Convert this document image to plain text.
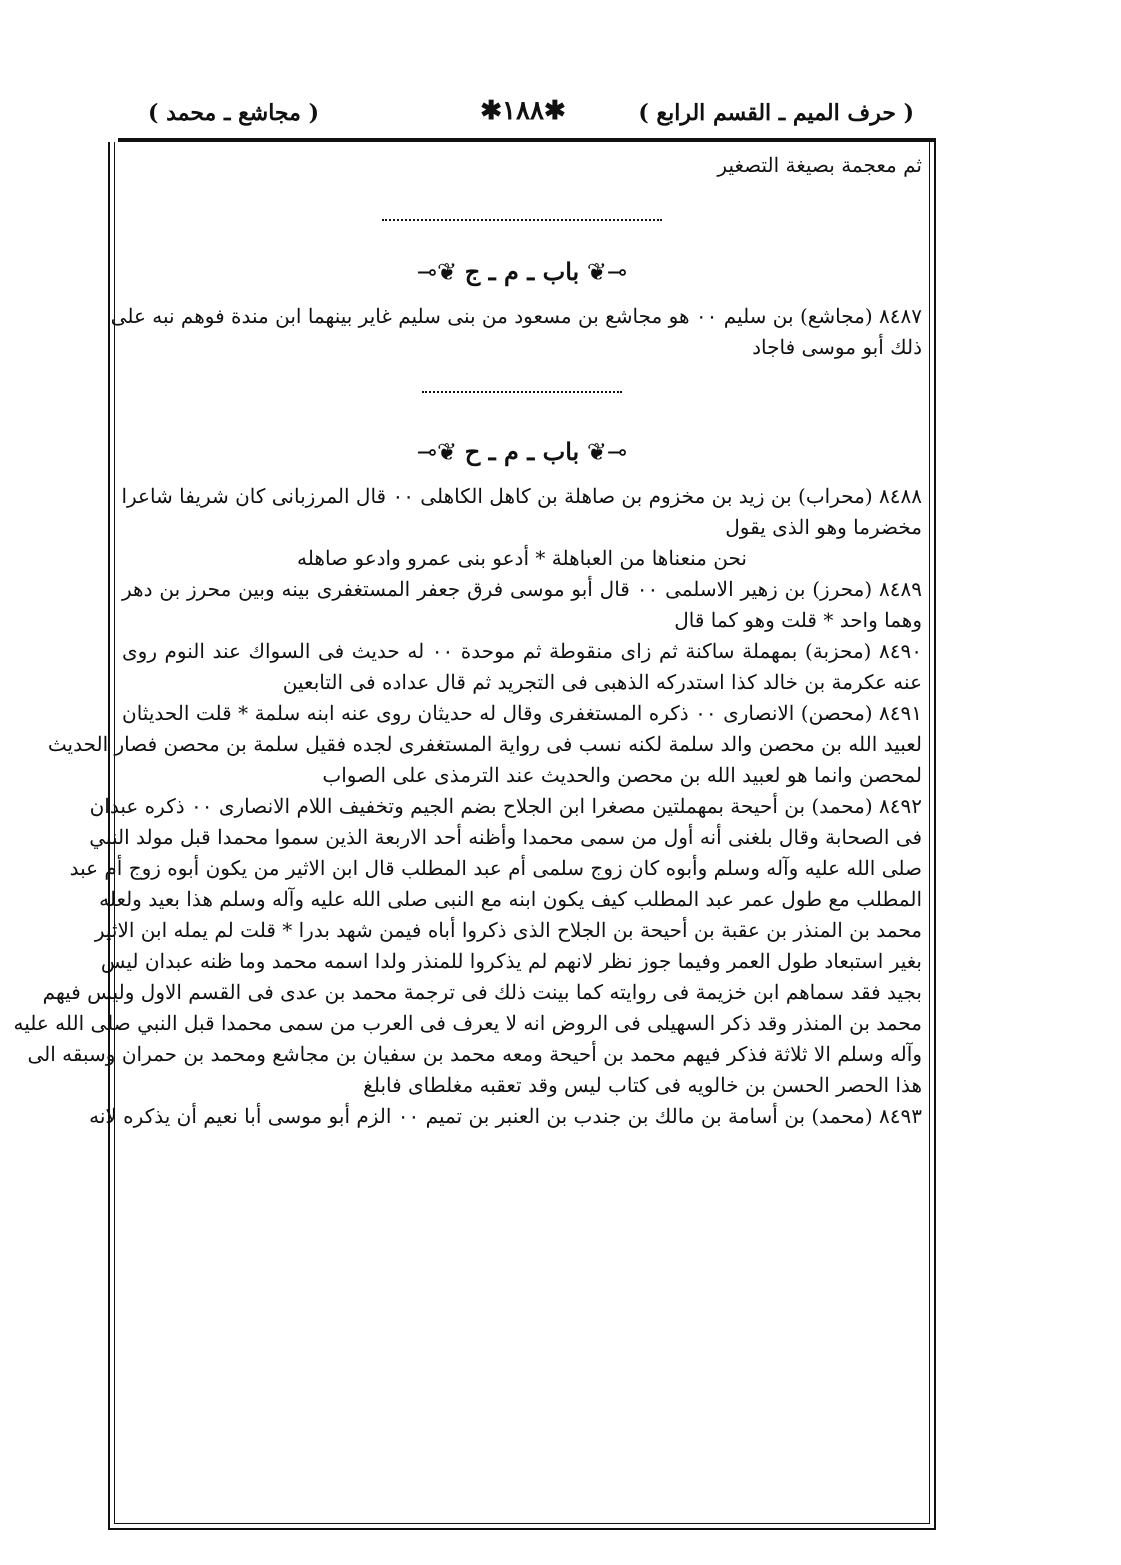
( حرف الميم ـ القسم الرابع )
✱١٨٨✱
( مجاشع ـ محمد )
ثم معجمة بصيغة التصغير
⊸❦ باب ـ م ـ ج ❦⊸
٨٤٨٧ (مجاشع) بن سليم ٠٠ هو مجاشع بن مسعود من بنى سليم غاير بينهما ابن مندة فوهم نبه على
ذلك أبو موسى فاجاد
⊸❦ باب ـ م ـ ح ❦⊸
٨٤٨٨ (محراب) بن زيد بن مخزوم بن صاهلة بن كاهل الكاهلى ٠٠ قال المرزبانى كان شريفا شاعرا
مخضرما وهو الذى يقول
نحن منعناها من العباهلة * أدعو بنى عمرو وادعو صاهله
٨٤٨٩ (محرز) بن زهير الاسلمى ٠٠ قال أبو موسى فرق جعفر المستغفرى بينه وبين محرز بن دهر
وهما واحد * قلت وهو كما قال
٨٤٩٠ (محزبة) بمهملة ساكنة ثم زاى منقوطة ثم موحدة ٠٠ له حديث فى السواك عند النوم روى
عنه عكرمة بن خالد كذا استدركه الذهبى فى التجريد ثم قال عداده فى التابعين
٨٤٩١ (محصن) الانصارى ٠٠ ذكره المستغفرى وقال له حديثان روى عنه ابنه سلمة * قلت الحديثان
لعبيد الله بن محصن والد سلمة لكنه نسب فى رواية المستغفرى لجده فقيل سلمة بن محصن فصار الحديث
لمحصن وانما هو لعبيد الله بن محصن والحديث عند الترمذى على الصواب
٨٤٩٢ (محمد) بن أحيحة بمهملتين مصغرا ابن الجلاح بضم الجيم وتخفيف اللام الانصارى ٠٠ ذكره عبدان
فى الصحابة وقال بلغنى أنه أول من سمى محمدا وأظنه أحد الاربعة الذين سموا محمدا قبل مولد النبي
صلى الله عليه وآله وسلم وأبوه كان زوج سلمى أم عبد المطلب قال ابن الاثير من يكون أبوه زوج أم عبد
المطلب مع طول عمر عبد المطلب كيف يكون ابنه مع النبى صلى الله عليه وآله وسلم هذا بعيد ولعله
محمد بن المنذر بن عقبة بن أحيحة بن الجلاح الذى ذكروا أباه فيمن شهد بدرا * قلت لم يمله ابن الاثير
بغير استبعاد طول العمر وفيما جوز نظر لانهم لم يذكروا للمنذر ولدا اسمه محمد وما ظنه عبدان ليس
بجيد فقد سماهم ابن خزيمة فى روايته كما بينت ذلك فى ترجمة محمد بن عدى فى القسم الاول وليس فيهم
محمد بن المنذر وقد ذكر السهيلى فى الروض انه لا يعرف فى العرب من سمى محمدا قبل النبي صلى الله عليه
وآله وسلم الا ثلاثة فذكر فيهم محمد بن أحيحة ومعه محمد بن سفيان بن مجاشع ومحمد بن حمران وسبقه الى
هذا الحصر الحسن بن خالويه فى كتاب ليس وقد تعقبه مغلطاى فابلغ
٨٤٩٣ (محمد) بن أسامة بن مالك بن جندب بن العنبر بن تميم ٠٠ الزم أبو موسى أبا نعيم أن يذكره لانه
